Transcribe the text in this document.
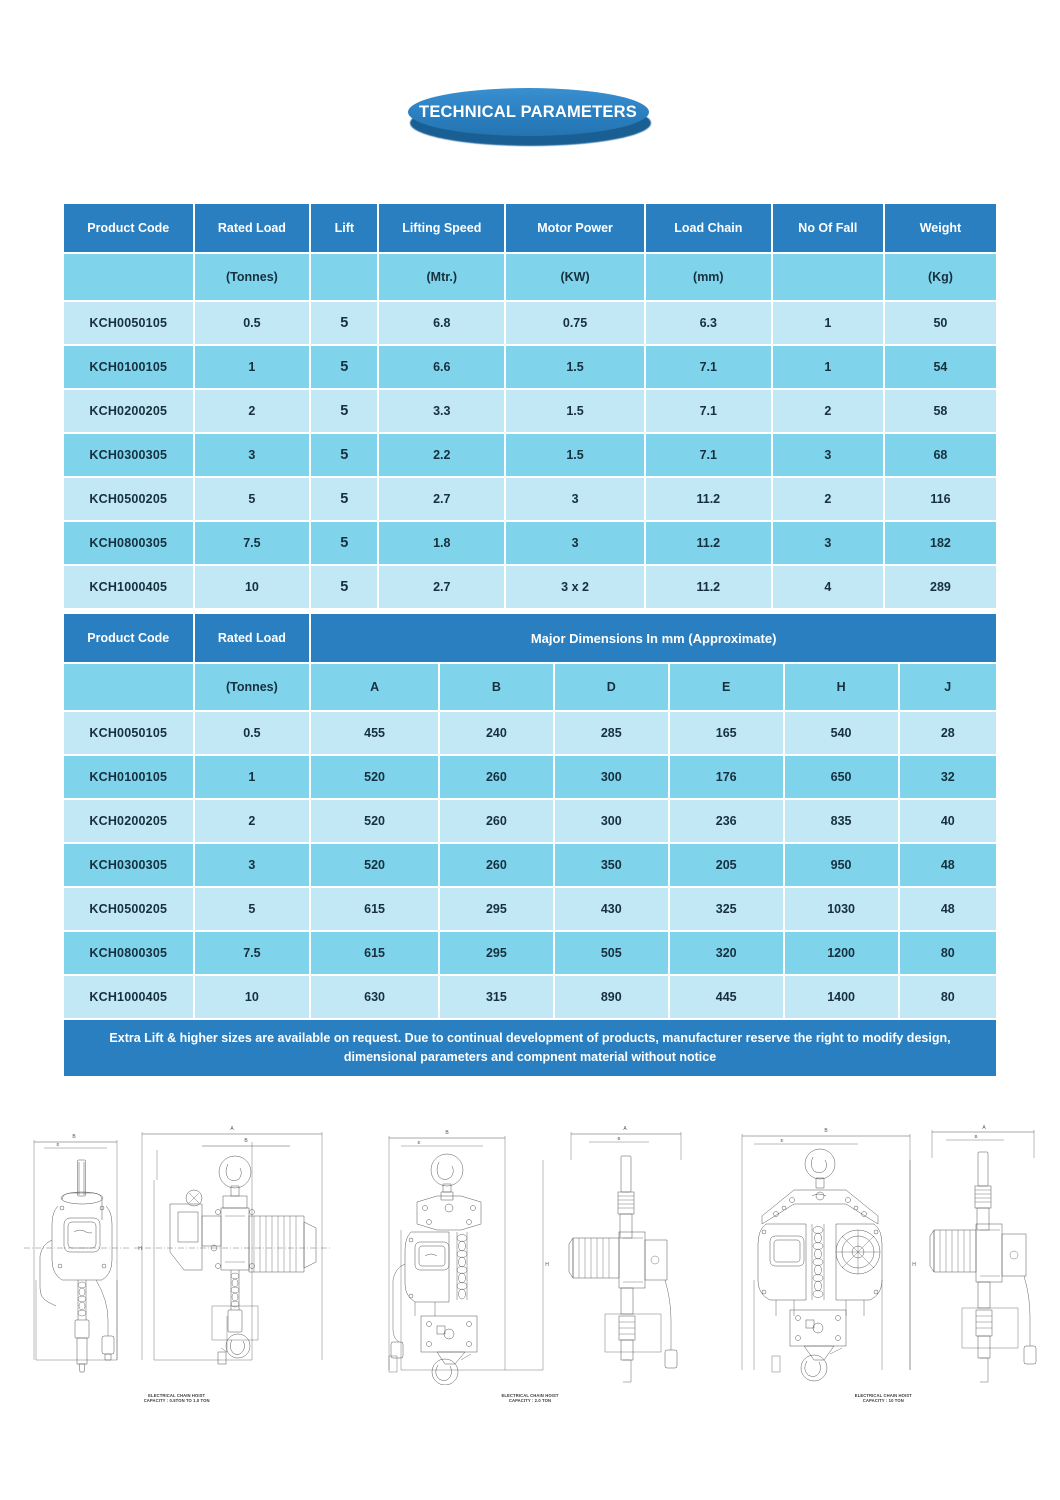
TECHNICAL PARAMETERS
Product Code	Rated Load	Lift	Lifting Speed	Motor Power	Load Chain	No Of Fall	Weight
	(Tonnes)		(Mtr.)	(KW)	(mm)		(Kg)
KCH0050105	0.5	5	6.8	0.75	6.3	1	50
KCH0100105	1	5	6.6	1.5	7.1	1	54
KCH0200205	2	5	3.3	1.5	7.1	2	58
KCH0300305	3	5	2.2	1.5	7.1	3	68
KCH0500205	5	5	2.7	3	11.2	2	116
KCH0800305	7.5	5	1.8	3	11.2	3	182
KCH1000405	10	5	2.7	3 x 2	11.2	4	289
Product Code	Rated Load	Major Dimensions In mm (Approximate)					
	(Tonnes)	A	B	D	E	H	J
KCH0050105	0.5	455	240	285	165	540	28
KCH0100105	1	520	260	300	176	650	32
KCH0200205	2	520	260	300	236	835	40
KCH0300305	3	520	260	350	205	950	48
KCH0500205	5	615	295	430	325	1030	48
KCH0800305	7.5	615	295	505	320	1200	80
KCH1000405	10	630	315	890	445	1400	80
Extra Lift & higher sizes are available on request. Due to continual development of products, manufacturer reserve the right to modify design, dimensional parameters and compnent material without notice							
B
E
A
B
H
ELECTRICAL CHAIN HOIST
CAPACITY : 0.5TON TO 1.0 TON
B
E
H
A
B
ELECTRICAL CHAIN HOIST
CAPACITY : 2.0 TON
B
E
H
A
B
ELECTRICAL CHAIN HOIST
CAPACITY : 10 TON
